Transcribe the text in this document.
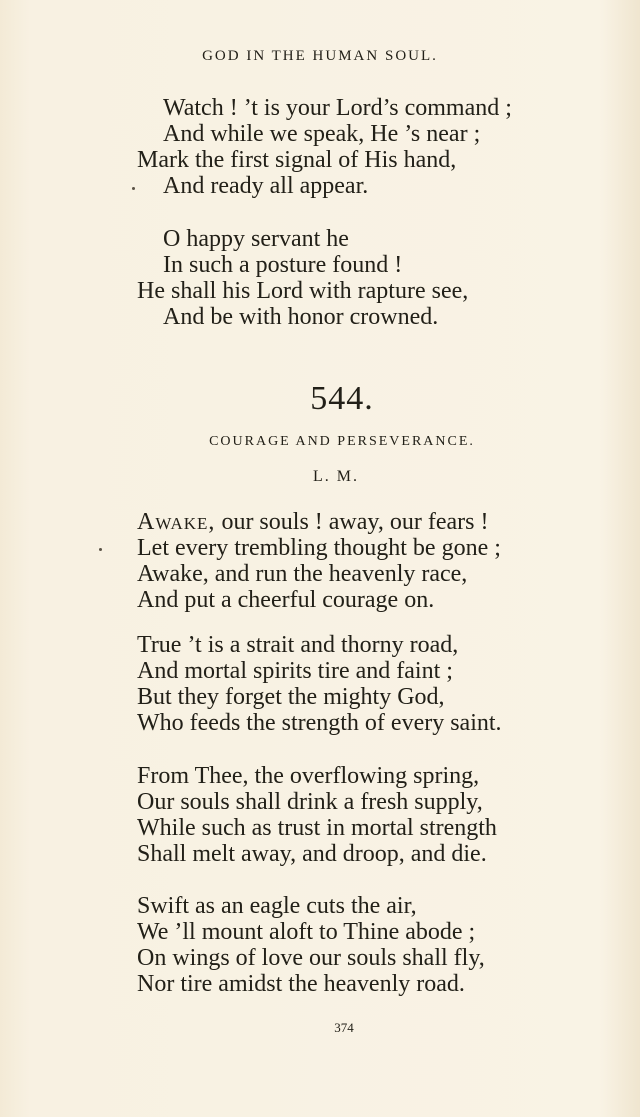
GOD IN THE HUMAN SOUL.
Watch ! ’t is your Lord’s command ;
And while we speak, He ’s near ;
Mark the first signal of His hand,
And ready all appear.
O happy servant he
In such a posture found !
He shall his Lord with rapture see,
And be with honor crowned.
544.
COURAGE AND PERSEVERANCE.
L. M.
Awake, our souls ! away, our fears !
Let every trembling thought be gone ;
Awake, and run the heavenly race,
And put a cheerful courage on.
True ’t is a strait and thorny road,
And mortal spirits tire and faint ;
But they forget the mighty God,
Who feeds the strength of every saint.
From Thee, the overflowing spring,
Our souls shall drink a fresh supply,
While such as trust in mortal strength
Shall melt away, and droop, and die.
Swift as an eagle cuts the air,
We ’ll mount aloft to Thine abode ;
On wings of love our souls shall fly,
Nor tire amidst the heavenly road.
374
